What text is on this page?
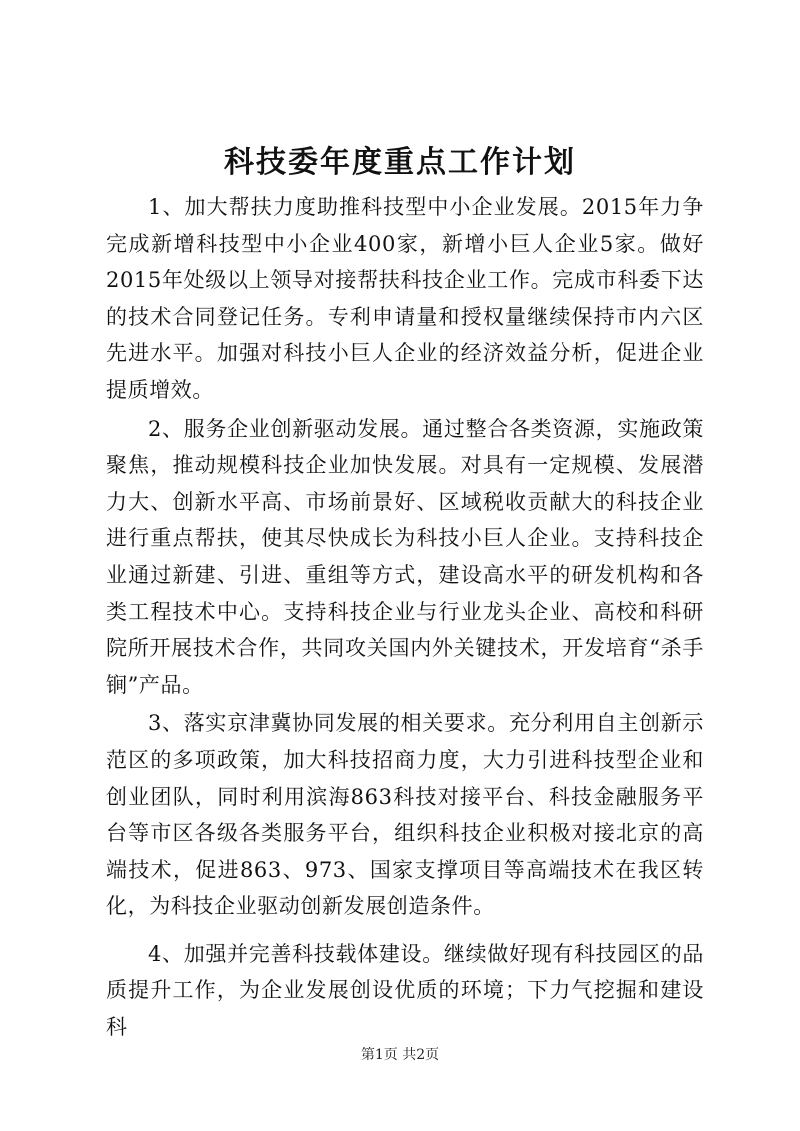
科技委年度重点工作计划

1、加大帮扶力度助推科技型中小企业发展。2015年力争完成新增科技型中小企业400家，新增小巨人企业5家。做好2015年处级以上领导对接帮扶科技企业工作。完成市科委下达的技术合同登记任务。专利申请量和授权量继续保持市内六区先进水平。加强对科技小巨人企业的经济效益分析，促进企业提质增效。

2、服务企业创新驱动发展。通过整合各类资源，实施政策聚焦，推动规模科技企业加快发展。对具有一定规模、发展潜力大、创新水平高、市场前景好、区域税收贡献大的科技企业进行重点帮扶，使其尽快成长为科技小巨人企业。支持科技企业通过新建、引进、重组等方式，建设高水平的研发机构和各类工程技术中心。支持科技企业与行业龙头企业、高校和科研院所开展技术合作，共同攻关国内外关键技术，开发培育“杀手锏”产品。

3、落实京津冀协同发展的相关要求。充分利用自主创新示范区的多项政策，加大科技招商力度，大力引进科技型企业和创业团队，同时利用滨海863科技对接平台、科技金融服务平台等市区各级各类服务平台，组织科技企业积极对接北京的高端技术，促进863、973、国家支撑项目等高端技术在我区转化，为科技企业驱动创新发展创造条件。

4、加强并完善科技载体建设。继续做好现有科技园区的品质提升工作，为企业发展创设优质的环境；下力气挖掘和建设科

第1页 共2页
